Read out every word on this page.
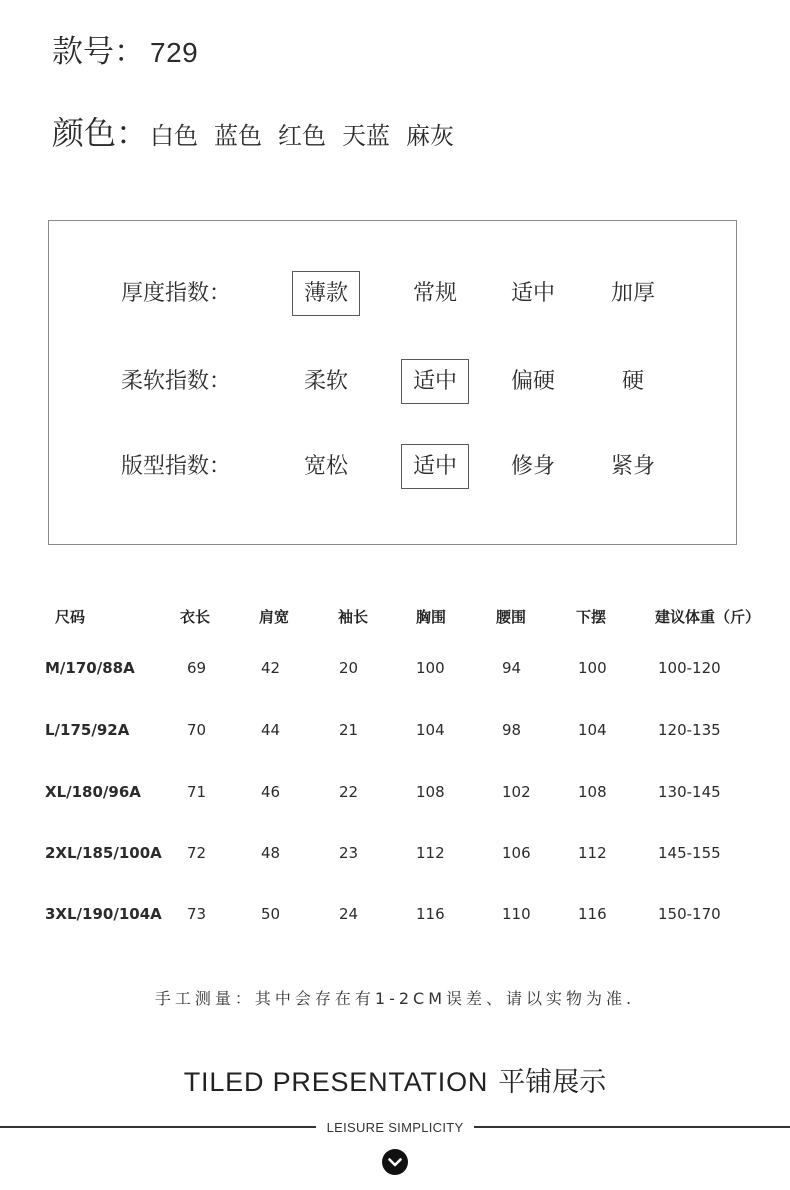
款号： 729
颜色： 白色 蓝色 红色 天蓝 麻灰
厚度指数：	薄款	常规	适中	加厚
柔软指数：	柔软	适中	偏硬	硬
版型指数：	宽松	适中	修身	紧身
尺码	衣长	肩宽	袖长	胸围	腰围	下摆	建议体重（斤）
M/170/88A	69	42	20	100	94	100	100-120
L/175/92A	70	44	21	104	98	104	120-135
XL/180/96A	71	46	22	108	102	108	130-145
2XL/185/100A 72	48	23	112	106	112	145-155
3XL/190/104A 73	50	24	116	110	116	150-170
手工测量：其中会存在有1-2CM误差、请以实物为准.
TILED PRESENTATION 平铺展示
LEISURE SIMPLICITY
